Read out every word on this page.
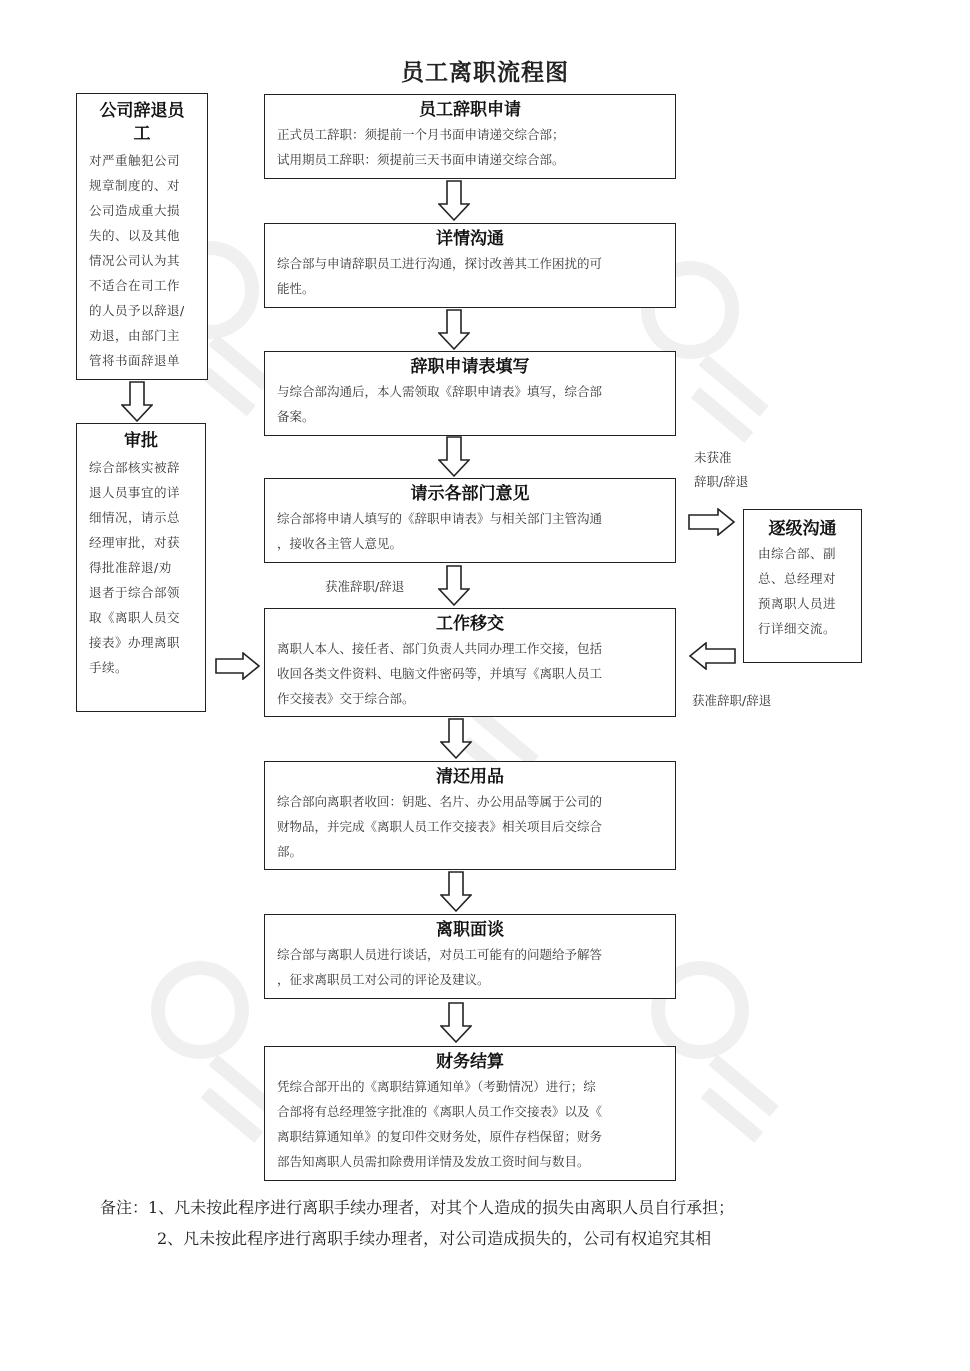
员工离职流程图
员工辞职申请
正式员工辞职：须提前一个月书面申请递交综合部；
试用期员工辞职：须提前三天书面申请递交综合部。
详情沟通
综合部与申请辞职员工进行沟通，探讨改善其工作困扰的可
能性。
辞职申请表填写
与综合部沟通后，本人需领取《辞职申请表》填写，综合部
备案。
请示各部门意见
综合部将申请人填写的《辞职申请表》与相关部门主管沟通
，接收各主管人意见。
工作移交
离职人本人、接任者、部门负责人共同办理工作交接，包括
收回各类文件资料、电脑文件密码等，并填写《离职人员工
作交接表》交于综合部。
清还用品
综合部向离职者收回：钥匙、名片、办公用品等属于公司的
财物品，并完成《离职人员工作交接表》相关项目后交综合
部。
离职面谈
综合部与离职人员进行谈话，对员工可能有的问题给予解答
，征求离职员工对公司的评论及建议。
财务结算
凭综合部开出的《离职结算通知单》（考勤情况）进行；综
合部将有总经理签字批准的《离职人员工作交接表》以及《
离职结算通知单》的复印件交财务处，原件存档保留；财务
部告知离职人员需扣除费用详情及发放工资时间与数目。
公司辞退员
工
对严重触犯公司
规章制度的、对
公司造成重大损
失的、以及其他
情况公司认为其
不适合在司工作
的人员予以辞退/
劝退，由部门主
管将书面辞退单
审批
综合部核实被辞
退人员事宜的详
细情况，请示总
经理审批，对获
得批准辞退/劝
退者于综合部领
取《离职人员交
接表》办理离职
手续。
逐级沟通
由综合部、副
总、总经理对
预离职人员进
行详细交流。
未获准
辞职/辞退
获准辞职/辞退
获准辞职/辞退
备注：1、凡未按此程序进行离职手续办理者，对其个人造成的损失由离职人员自行承担；
2、凡未按此程序进行离职手续办理者，对公司造成损失的，公司有权追究其相
